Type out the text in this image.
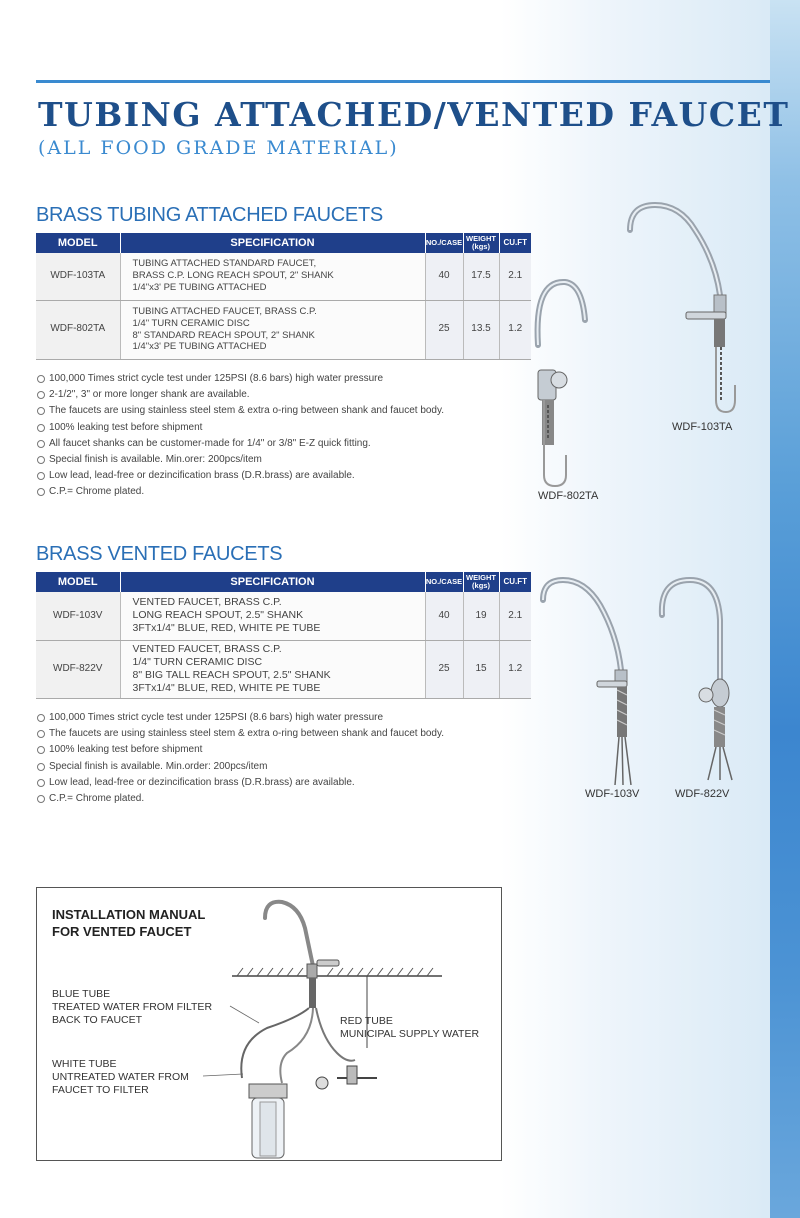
TUBING ATTACHED/VENTED FAUCET
(ALL FOOD GRADE MATERIAL)
BRASS TUBING ATTACHED FAUCETS
MODEL	SPECIFICATION	NO./CASE	WEIGHT
(kgs)	CU.FT
WDF-103TA	TUBING ATTACHED STANDARD FAUCET,
BRASS C.P. LONG REACH SPOUT, 2" SHANK
1/4"x3' PE TUBING ATTACHED	40	17.5	2.1
WDF-802TA	TUBING ATTACHED FAUCET, BRASS C.P.
1/4" TURN CERAMIC DISC
8" STANDARD REACH SPOUT, 2" SHANK
1/4"x3' PE TUBING ATTACHED	25	13.5	1.2
100,000 Times strict cycle test under 125PSI (8.6 bars) high water pressure
2-1/2", 3" or more longer shank are available.
The faucets are using stainless steel stem & extra o-ring between shank and faucet body.
100% leaking test before shipment
All faucet shanks can be customer-made for 1/4" or 3/8" E-Z quick fitting.
Special finish is available. Min.orer: 200pcs/item
Low lead, lead-free or dezincification brass (D.R.brass) are available.
C.P.= Chrome plated.
BRASS VENTED FAUCETS
MODEL	SPECIFICATION	NO./CASE	WEIGHT
(kgs)	CU.FT
WDF-103V	VENTED FAUCET, BRASS C.P.
LONG REACH SPOUT, 2.5" SHANK
3FTx1/4" BLUE, RED, WHITE PE TUBE	40	19	2.1
WDF-822V	VENTED FAUCET, BRASS C.P.
1/4" TURN CERAMIC DISC
8" BIG TALL REACH SPOUT, 2.5" SHANK
3FTx1/4" BLUE, RED, WHITE PE TUBE	25	15	1.2
100,000 Times strict cycle test under 125PSI (8.6 bars) high water pressure
The faucets are using stainless steel stem & extra o-ring between shank and faucet body.
100% leaking test before shipment
Special finish is available. Min.order: 200pcs/item
Low lead, lead-free or dezincification brass (D.R.brass) are available.
C.P.= Chrome plated.
WDF-103TA
WDF-802TA
WDF-103V	WDF-822V
INSTALLATION MANUAL
FOR VENTED FAUCET
BLUE TUBE
TREATED WATER FROM FILTER
BACK TO FAUCET
WHITE TUBE
UNTREATED WATER FROM
FAUCET TO FILTER
RED TUBE
MUNICIPAL SUPPLY WATER
